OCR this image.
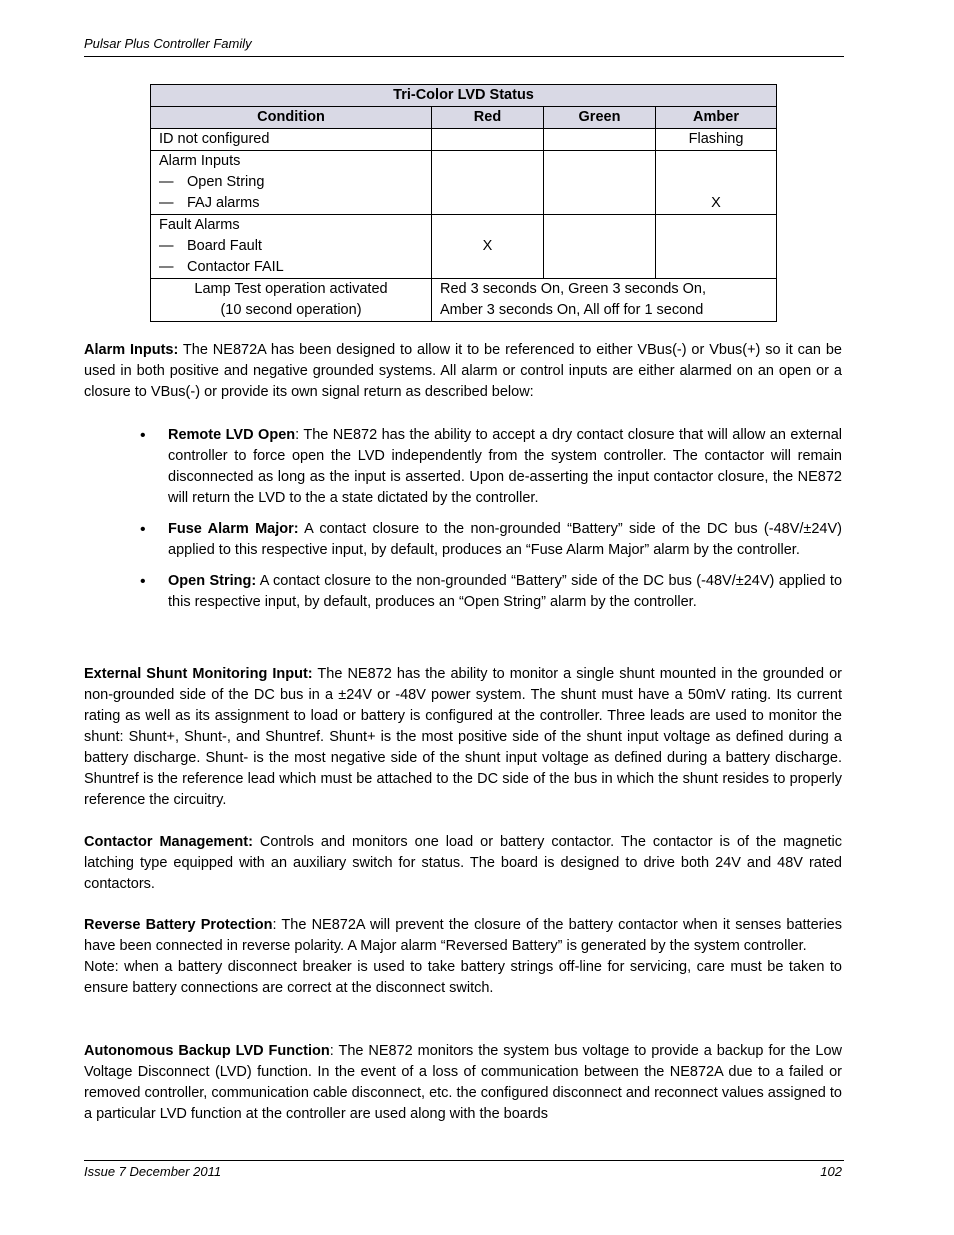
Pulsar Plus Controller Family
Tri-Color LVD Status			
Condition	Red	Green	Amber
ID not configured			Flashing
Alarm Inputs
— Open String
— FAJ alarms			X
Fault Alarms
— Board Fault
— Contactor FAIL	X		

Lamp Test operation activated
(10 second operation)	Red 3 seconds On, Green 3 seconds On,
Amber 3 seconds On, All off for 1 second		

Alarm Inputs: The NE872A has been designed to allow it to be referenced to either VBus(-) or Vbus(+) so it can be used in both positive and negative grounded systems. All alarm or control inputs are either alarmed on an open or a closure to VBus(-) or provide its own signal return as described below:

• Remote LVD Open: The NE872 has the ability to accept a dry contact closure that will allow an external controller to force open the LVD independently from the system controller. The contactor will remain disconnected as long as the input is asserted. Upon de-asserting the input contactor closure, the NE872 will return the LVD to the a state dictated by the controller.
• Fuse Alarm Major: A contact closure to the non-grounded “Battery” side of the DC bus (-48V/±24V) applied to this respective input, by default, produces an “Fuse Alarm Major” alarm by the controller.
• Open String: A contact closure to the non-grounded “Battery” side of the DC bus (-48V/±24V) applied to this respective input, by default, produces an “Open String” alarm by the controller.

External Shunt Monitoring Input: The NE872 has the ability to monitor a single shunt mounted in the grounded or non-grounded side of the DC bus in a ±24V or -48V power system. The shunt must have a 50mV rating. Its current rating as well as its assignment to load or battery is configured at the controller. Three leads are used to monitor the shunt: Shunt+, Shunt-, and Shuntref. Shunt+ is the most positive side of the shunt input voltage as defined during a battery discharge. Shunt- is the most negative side of the shunt input voltage as defined during a battery discharge. Shuntref is the reference lead which must be attached to the DC side of the bus in which the shunt resides to properly reference the circuitry.

Contactor Management: Controls and monitors one load or battery contactor. The contactor is of the magnetic latching type equipped with an auxiliary switch for status. The board is designed to drive both 24V and 48V rated contactors.

Reverse Battery Protection: The NE872A will prevent the closure of the battery contactor when it senses batteries have been connected in reverse polarity. A Major alarm “Reversed Battery” is generated by the system controller.

Note: when a battery disconnect breaker is used to take battery strings off-line for servicing, care must be taken to ensure battery connections are correct at the disconnect switch.

Autonomous Backup LVD Function: The NE872 monitors the system bus voltage to provide a backup for the Low Voltage Disconnect (LVD) function. In the event of a loss of communication between the NE872A due to a failed or removed controller, communication cable disconnect, etc. the configured disconnect and reconnect values assigned to a particular LVD function at the controller are used along with the boards

Issue 7 December 2011	102
